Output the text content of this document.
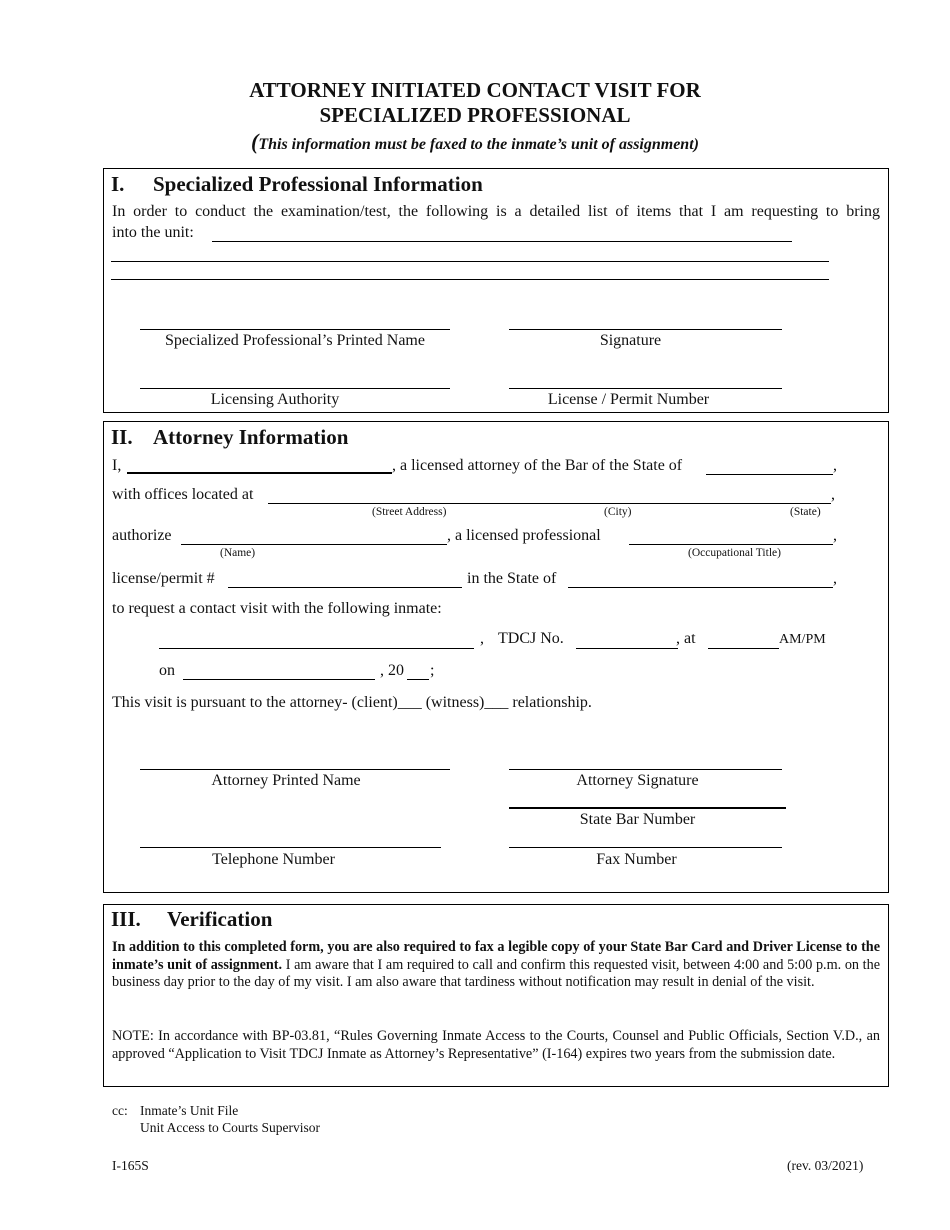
ATTORNEY INITIATED CONTACT VISIT FOR
SPECIALIZED PROFESSIONAL
(This information must be faxed to the inmate’s unit of assignment)
I. Specialized Professional Information
In order to conduct the examination/test, the following is a detailed list of items that I am requesting to bring
into the unit:
Specialized Professional’s Printed Name	Signature
Licensing Authority	License / Permit Number
II. Attorney Information
I,	, a licensed attorney of the Bar of the State of	,
with offices located at	,
(Street Address)	(City)	(State)
authorize
(Name)
, a licensed professional	,
(Occupational Title)
license/permit #	in the State of	,
to request a contact visit with the following inmate:
, TDCJ No.	, at	AM/PM
on	, 20 ;
This visit is pursuant to the attorney- (client)___ (witness)___ relationship.
Attorney Printed Name	Attorney Signature
State Bar Number
Telephone Number	Fax Number
III. Verification
In addition to this completed form, you are also required to fax a legible copy of your State Bar Card and Driver License to the inmate’s unit of assignment. I am aware that I am required to call and confirm this requested visit, between 4:00 and 5:00 p.m. on the business day prior to the day of my visit. I am also aware that tardiness without notification may result in denial of the visit.
NOTE: In accordance with BP-03.81, “Rules Governing Inmate Access to the Courts, Counsel and Public Officials, Section V.D., an approved “Application to Visit TDCJ Inmate as Attorney’s Representative” (I-164) expires two years from the submission date.
cc: Inmate’s Unit File
Unit Access to Courts Supervisor
I-165S	(rev. 03/2021)
